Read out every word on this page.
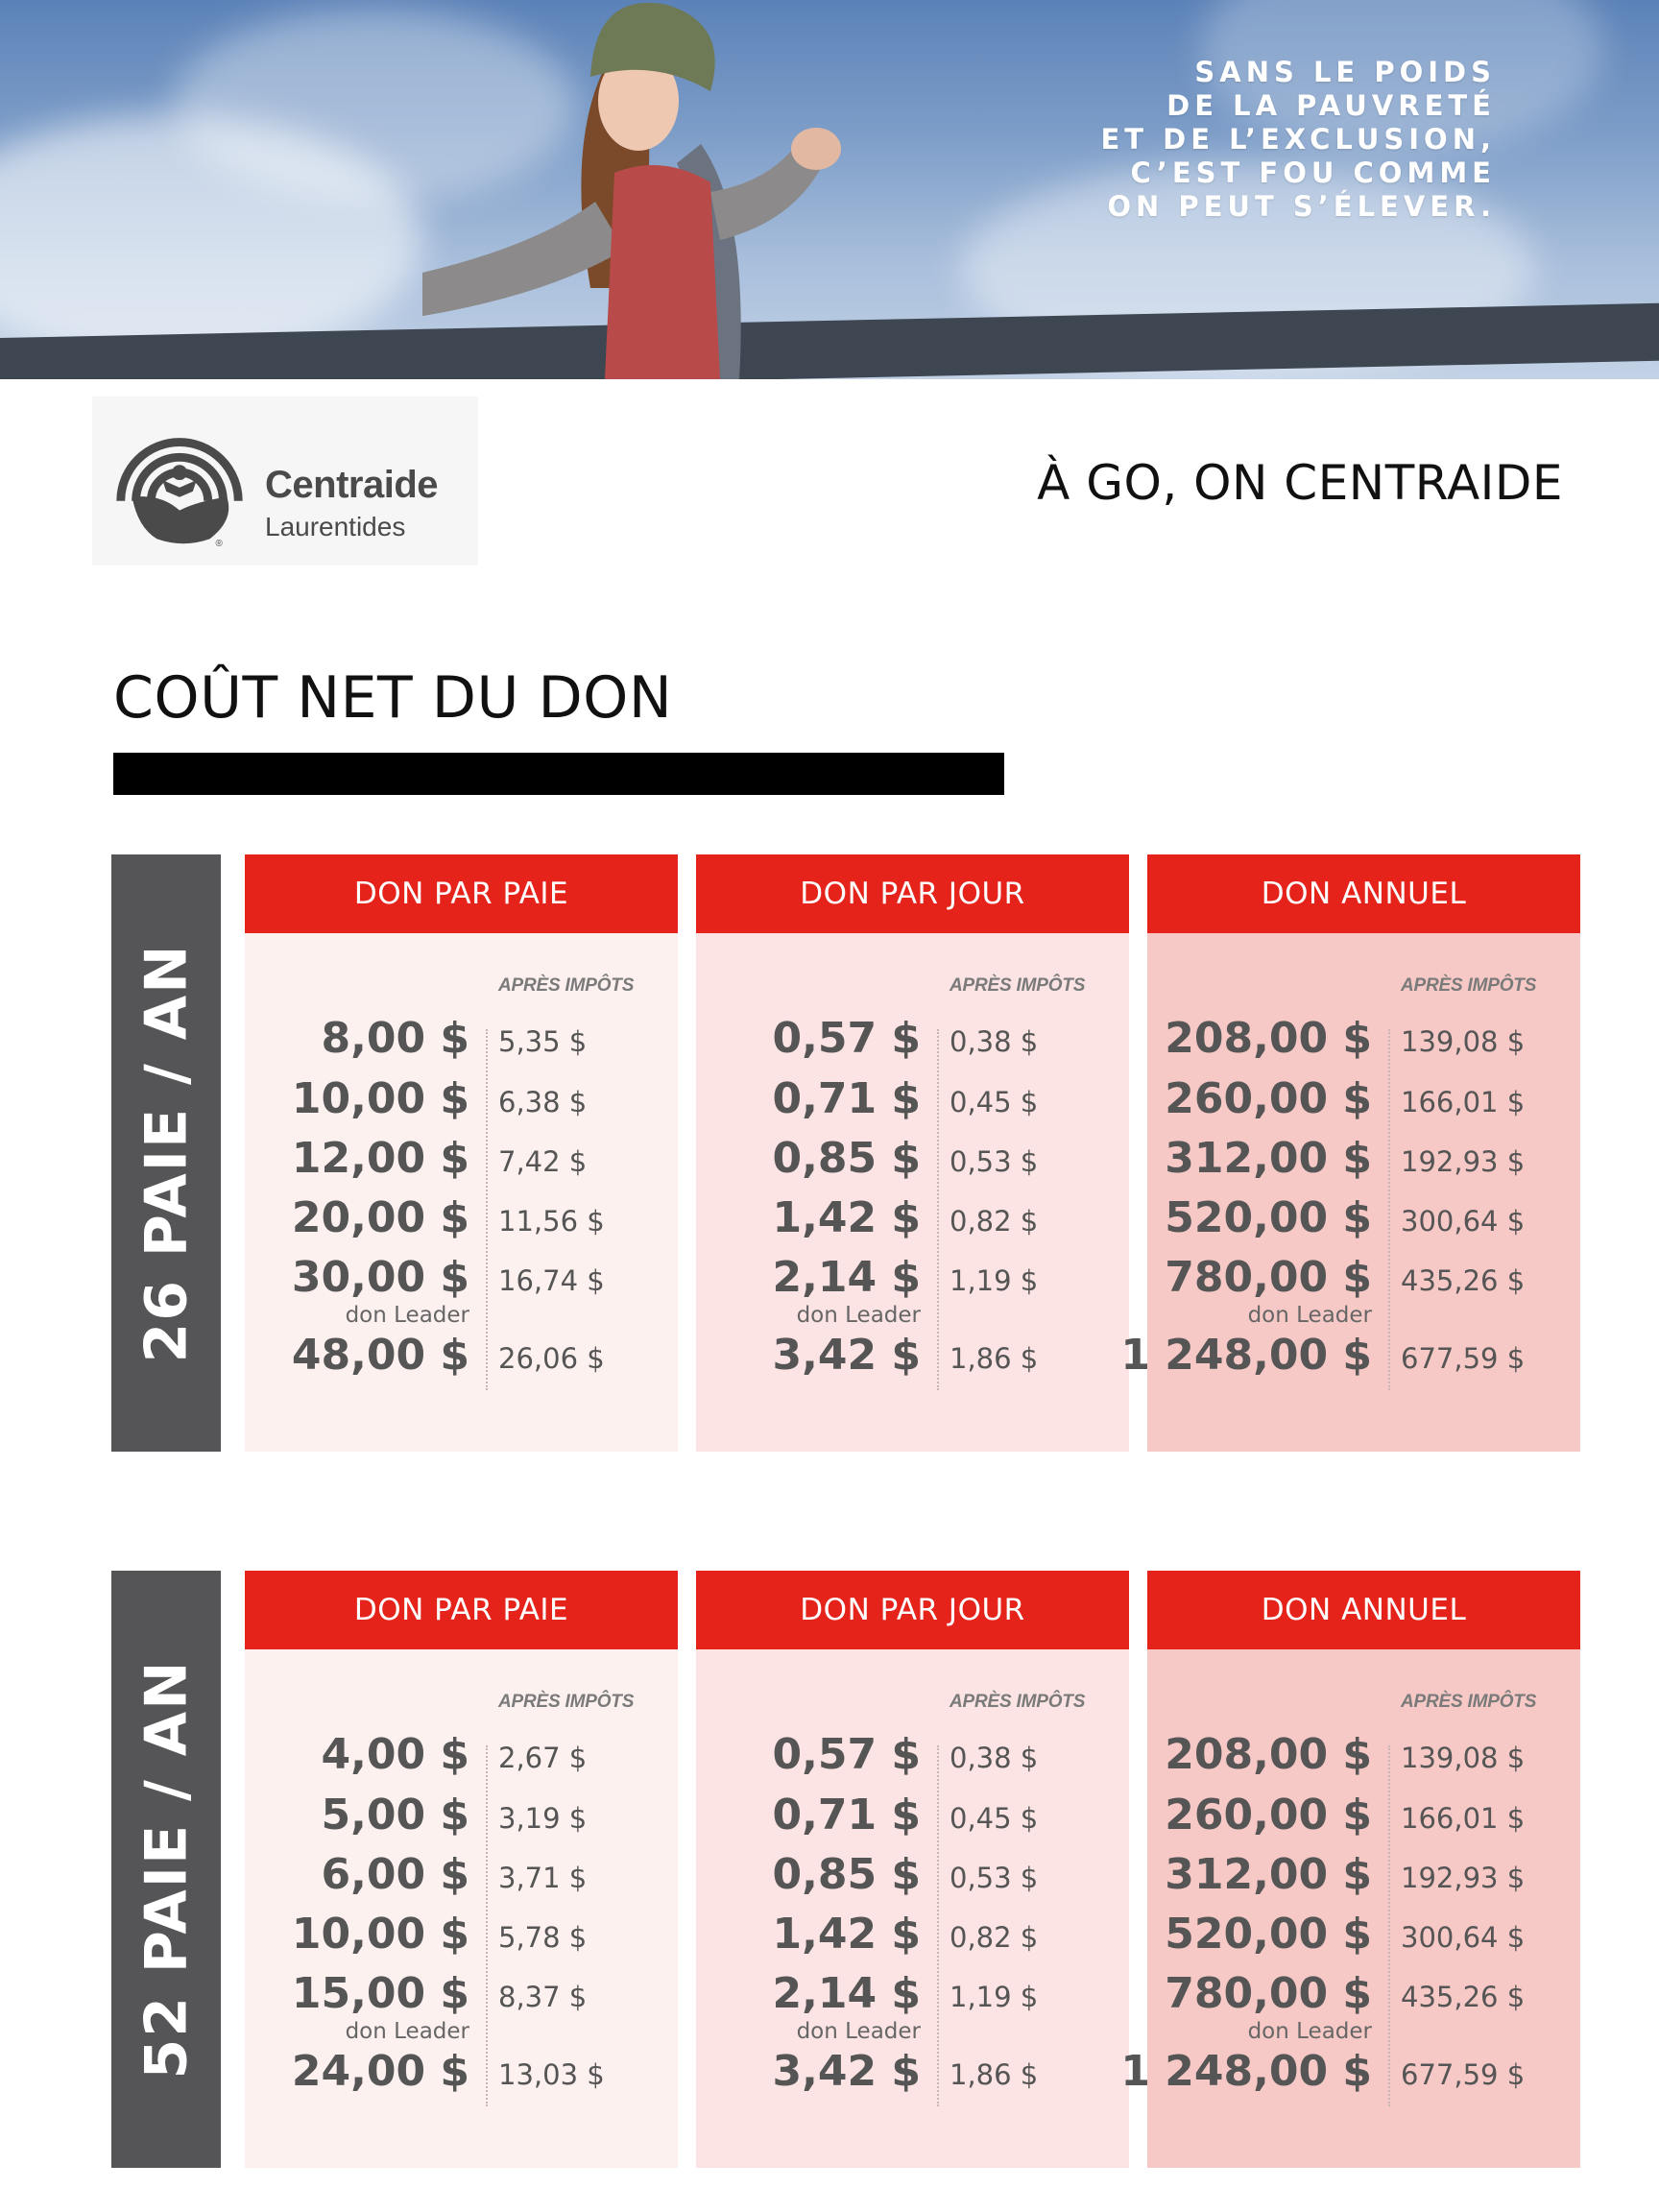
SANS LE POIDS
DE LA PAUVRETÉ
ET DE L’EXCLUSION,
C’EST FOU COMME
ON PEUT S’ÉLEVER.
®
Centraide
Laurentides
À GO, ON CENTRAIDE
COÛT NET DU DON
26 PAIE / AN
DON PAR PAIE
APRÈS IMPÔTS
8,00 $ 5,35 $
10,00 $ 6,38 $
12,00 $ 7,42 $
20,00 $ 11,56 $
30,00 $ 16,74 $
don Leader
48,00 $ 26,06 $
DON PAR JOUR
APRÈS IMPÔTS
0,57 $ 0,38 $
0,71 $ 0,45 $
0,85 $ 0,53 $
1,42 $ 0,82 $
2,14 $ 1,19 $
don Leader
3,42 $ 1,86 $
DON ANNUEL
APRÈS IMPÔTS
208,00 $ 139,08 $
260,00 $ 166,01 $
312,00 $ 192,93 $
520,00 $ 300,64 $
780,00 $ 435,26 $
don Leader
1 248,00 $ 677,59 $
52 PAIE / AN
DON PAR PAIE
APRÈS IMPÔTS
4,00 $ 2,67 $
5,00 $ 3,19 $
6,00 $ 3,71 $
10,00 $ 5,78 $
15,00 $ 8,37 $
don Leader
24,00 $ 13,03 $
DON PAR JOUR
APRÈS IMPÔTS
0,57 $ 0,38 $
0,71 $ 0,45 $
0,85 $ 0,53 $
1,42 $ 0,82 $
2,14 $ 1,19 $
don Leader
3,42 $ 1,86 $
DON ANNUEL
APRÈS IMPÔTS
208,00 $ 139,08 $
260,00 $ 166,01 $
312,00 $ 192,93 $
520,00 $ 300,64 $
780,00 $ 435,26 $
don Leader
1 248,00 $ 677,59 $
